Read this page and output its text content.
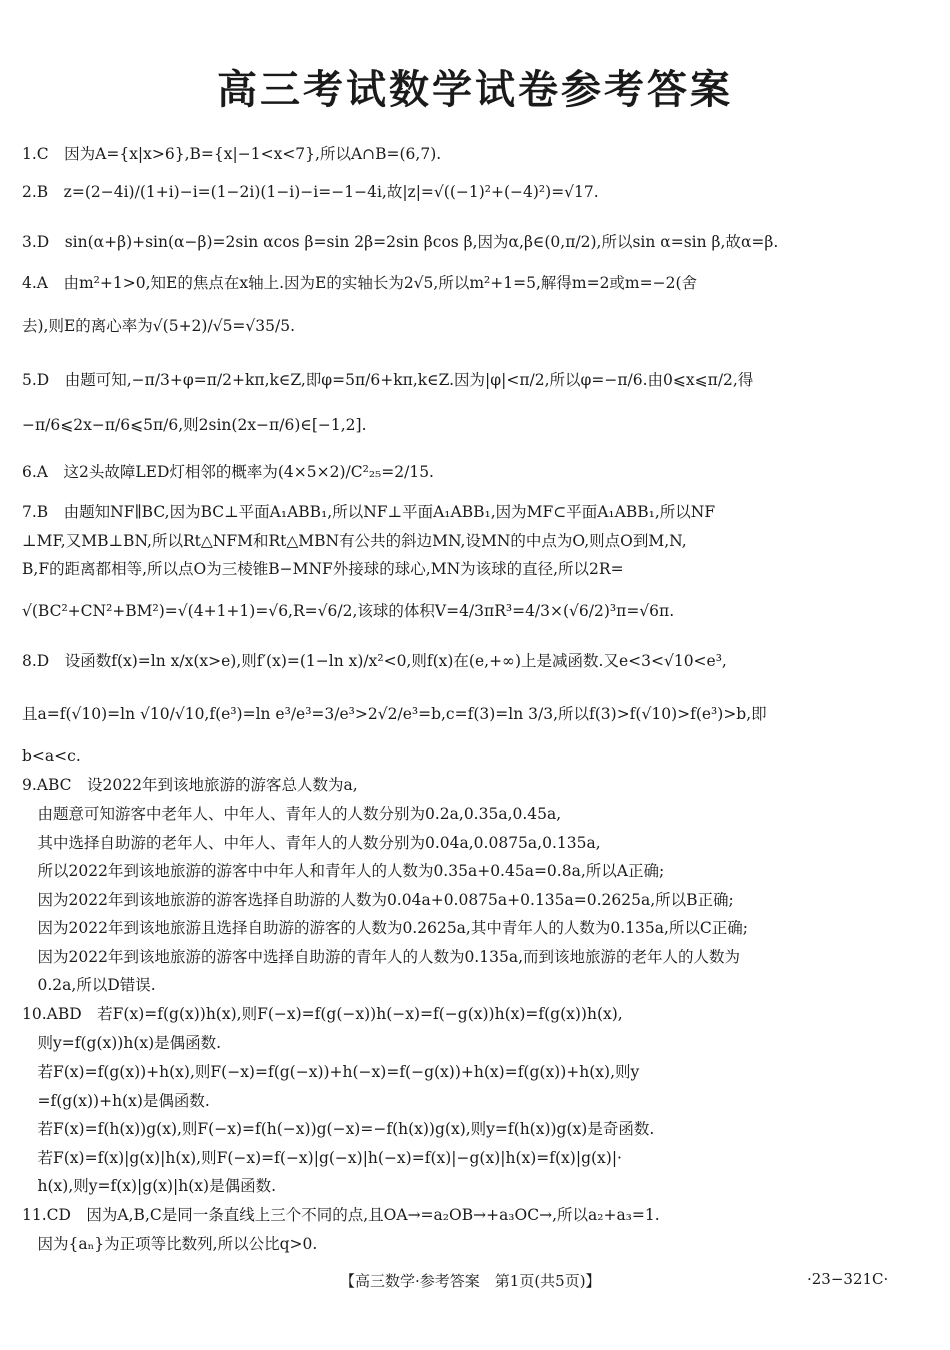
高三考试数学试卷参考答案
1.C　因为A={x|x>6},B={x|−1<x<7},所以A∩B=(6,7).
2.B　z=(2−4i)/(1+i)−i=(1−2i)(1−i)−i=−1−4i,故|z|=√((−1)²+(−4)²)=√17.
3.D　sin(α+β)+sin(α−β)=2sin αcos β=sin 2β=2sin βcos β,因为α,β∈(0,π/2),所以sin α=sin β,故α=β.
4.A　由m²+1>0,知E的焦点在x轴上.因为E的实轴长为2√5,所以m²+1=5,解得m=2或m=−2(舍
去),则E的离心率为√(5+2)/√5=√35/5.
5.D　由题可知,−π/3+φ=π/2+kπ,k∈Z,即φ=5π/6+kπ,k∈Z.因为|φ|<π/2,所以φ=−π/6.由0⩽x⩽π/2,得
−π/6⩽2x−π/6⩽5π/6,则2sin(2x−π/6)∈[−1,2].
6.A　这2头故障LED灯相邻的概率为(4×5×2)/C²₂₅=2/15.
7.B　由题知NF∥BC,因为BC⊥平面A₁ABB₁,所以NF⊥平面A₁ABB₁,因为MF⊂平面A₁ABB₁,所以NF
⊥MF,又MB⊥BN,所以Rt△NFM和Rt△MBN有公共的斜边MN,设MN的中点为O,则点O到M,N,
B,F的距离都相等,所以点O为三棱锥B−MNF外接球的球心,MN为该球的直径,所以2R=
√(BC²+CN²+BM²)=√(4+1+1)=√6,R=√6/2,该球的体积V=4/3πR³=4/3×(√6/2)³π=√6π.
8.D　设函数f(x)=ln x/x(x>e),则f′(x)=(1−ln x)/x²<0,则f(x)在(e,+∞)上是减函数.又e<3<√10<e³,
且a=f(√10)=ln √10/√10,f(e³)=ln e³/e³=3/e³>2√2/e³=b,c=f(3)=ln 3/3,所以f(3)>f(√10)>f(e³)>b,即
b<a<c.
9.ABC　设2022年到该地旅游的游客总人数为a,
　由题意可知游客中老年人、中年人、青年人的人数分别为0.2a,0.35a,0.45a,
　其中选择自助游的老年人、中年人、青年人的人数分别为0.04a,0.0875a,0.135a,
　所以2022年到该地旅游的游客中中年人和青年人的人数为0.35a+0.45a=0.8a,所以A正确;
　因为2022年到该地旅游的游客选择自助游的人数为0.04a+0.0875a+0.135a=0.2625a,所以B正确;
　因为2022年到该地旅游且选择自助游的游客的人数为0.2625a,其中青年人的人数为0.135a,所以C正确;
　因为2022年到该地旅游的游客中选择自助游的青年人的人数为0.135a,而到该地旅游的老年人的人数为
　0.2a,所以D错误.
10.ABD　若F(x)=f(g(x))h(x),则F(−x)=f(g(−x))h(−x)=f(−g(x))h(x)=f(g(x))h(x),
　则y=f(g(x))h(x)是偶函数.
　若F(x)=f(g(x))+h(x),则F(−x)=f(g(−x))+h(−x)=f(−g(x))+h(x)=f(g(x))+h(x),则y
　=f(g(x))+h(x)是偶函数.
　若F(x)=f(h(x))g(x),则F(−x)=f(h(−x))g(−x)=−f(h(x))g(x),则y=f(h(x))g(x)是奇函数.
　若F(x)=f(x)|g(x)|h(x),则F(−x)=f(−x)|g(−x)|h(−x)=f(x)|−g(x)|h(x)=f(x)|g(x)|·
　h(x),则y=f(x)|g(x)|h(x)是偶函数.
11.CD　因为A,B,C是同一条直线上三个不同的点,且OA→=a₂OB→+a₃OC→,所以a₂+a₃=1.
　因为{aₙ}为正项等比数列,所以公比q>0.
【高三数学·参考答案　第1页(共5页)】	·23−321C·
